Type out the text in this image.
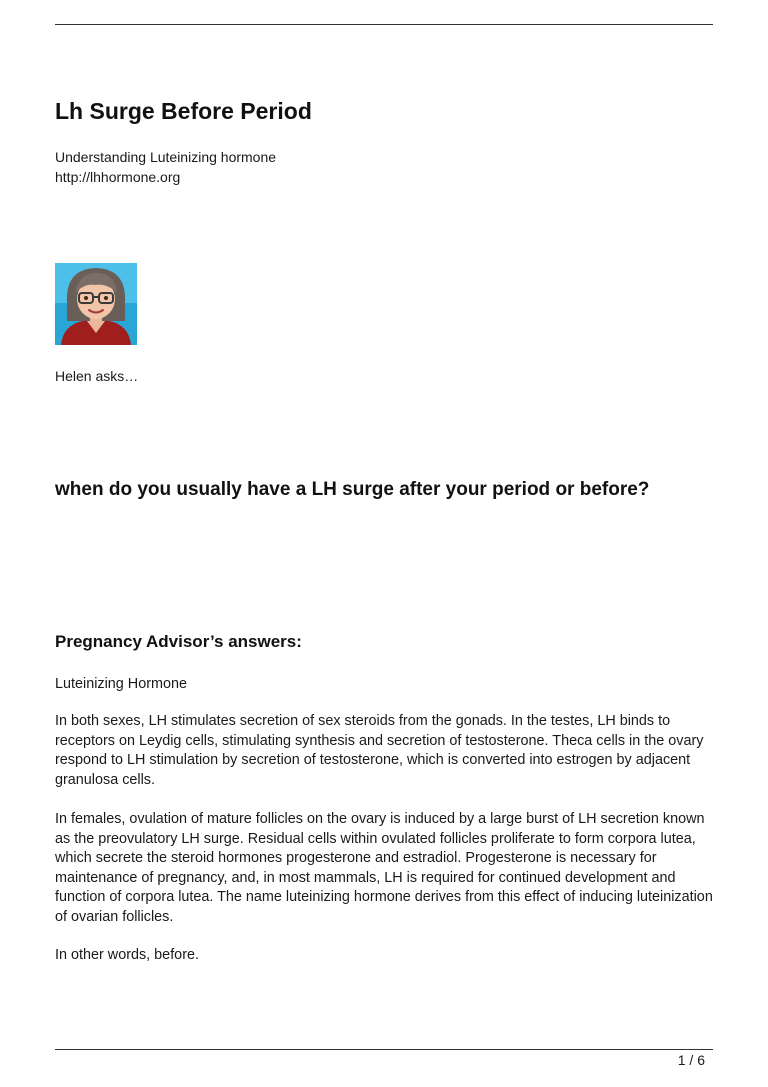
Lh Surge Before Period
Understanding Luteinizing hormone
http://lhhormone.org
Helen asks…
when do you usually have a LH surge after your period or before?
Pregnancy Advisor’s answers:

Luteinizing Hormone

In both sexes, LH stimulates secretion of sex steroids from the gonads. In the testes, LH binds to receptors on Leydig cells, stimulating synthesis and secretion of testosterone. Theca cells in the ovary respond to LH stimulation by secretion of testosterone, which is converted into estrogen by adjacent granulosa cells.

In females, ovulation of mature follicles on the ovary is induced by a large burst of LH secretion known as the preovulatory LH surge. Residual cells within ovulated follicles proliferate to form corpora lutea, which secrete the steroid hormones progesterone and estradiol. Progesterone is necessary for maintenance of pregnancy, and, in most mammals, LH is required for continued development and function of corpora lutea. The name luteinizing hormone derives from this effect of inducing luteinization of ovarian follicles.

In other words, before.

1 / 6
